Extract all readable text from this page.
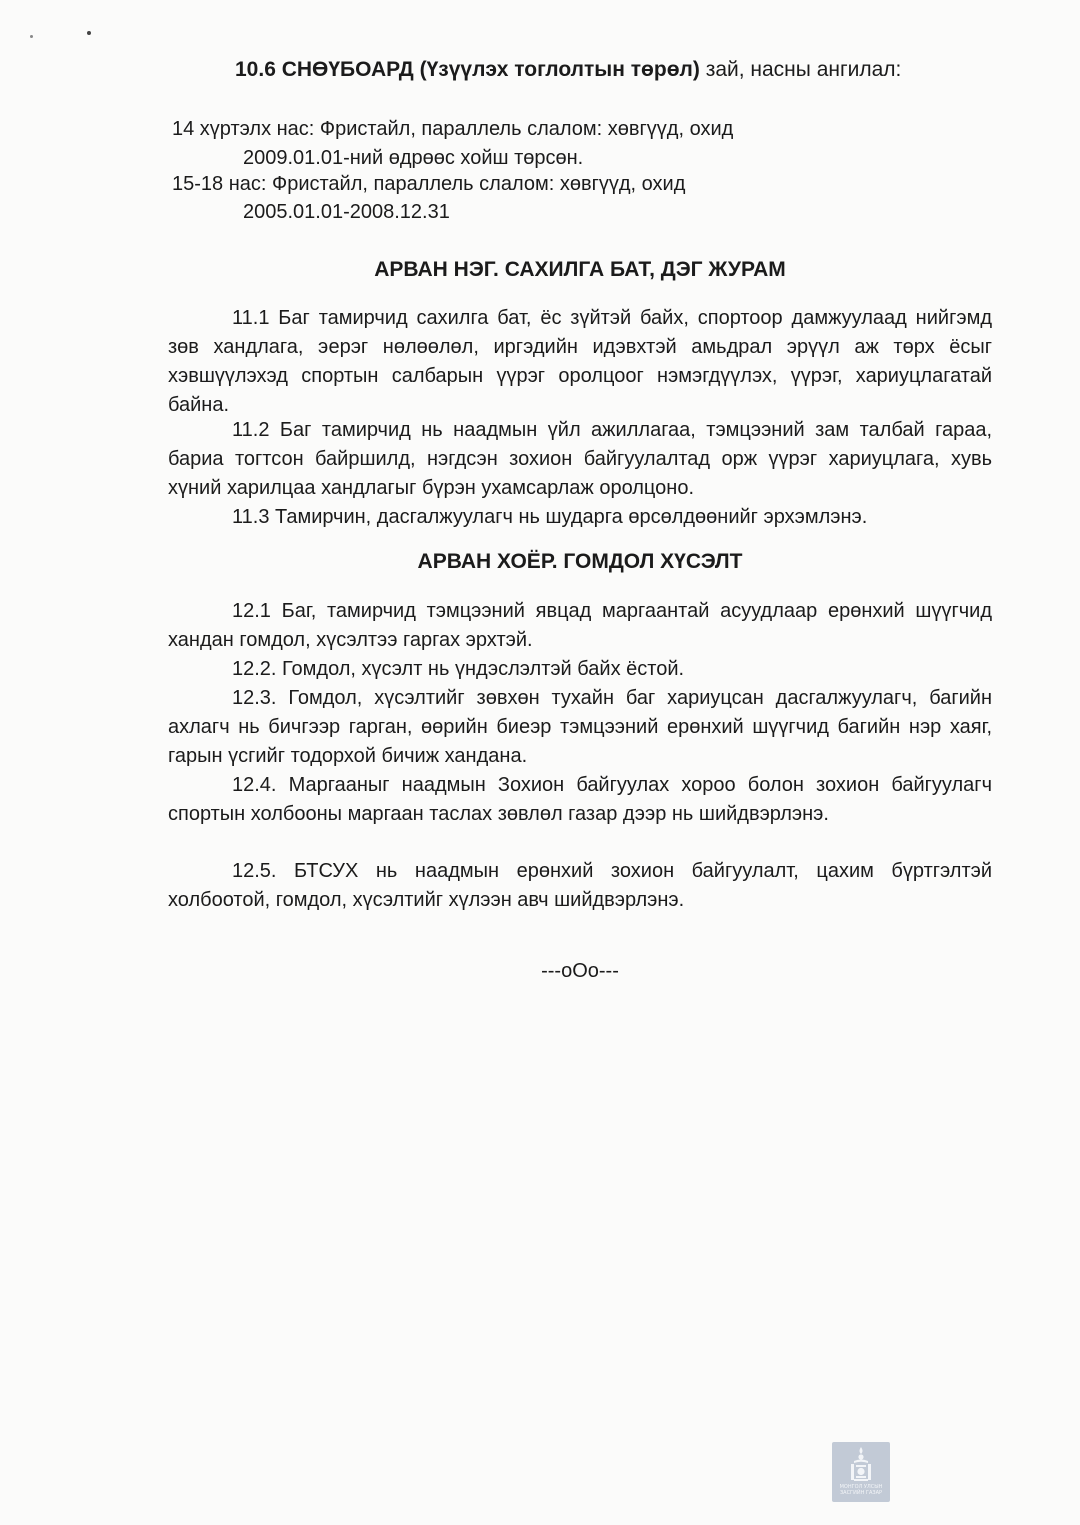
10.6 СНӨҮБОАРД (Үзүүлэх тоглолтын төрөл) зай, насны ангилал:
14 хүртэлх нас: Фристайл, параллель слалом: хөвгүүд, охид
2009.01.01-ний өдрөөс хойш төрсөн.
15-18 нас: Фристайл, параллель слалом: хөвгүүд, охид
2005.01.01-2008.12.31
АРВАН НЭГ. САХИЛГА БАТ, ДЭГ ЖУРАМ
11.1 Баг тамирчид сахилга бат, ёс зүйтэй байх, спортоор дамжуулаад нийгэмд зөв хандлага, эерэг нөлөөлөл, иргэдийн идэвхтэй амьдрал эрүүл аж төрх ёсыг хэвшүүлэхэд спортын салбарын үүрэг оролцоог нэмэгдүүлэх, үүрэг, хариуцлагатай байна.
11.2 Баг тамирчид нь наадмын үйл ажиллагаа, тэмцээний зам талбай гараа, бариа тогтсон байршилд, нэгдсэн зохион байгуулалтад орж үүрэг хариуцлага, хувь хүний харилцаа хандлагыг бүрэн ухамсарлаж оролцоно.
11.3 Тамирчин, дасгалжуулагч нь шударга өрсөлдөөнийг эрхэмлэнэ.
АРВАН ХОЁР. ГОМДОЛ ХҮСЭЛТ
12.1 Баг, тамирчид тэмцээний явцад маргаантай асуудлаар ерөнхий шүүгчид хандан гомдол, хүсэлтээ гаргах эрхтэй.
12.2. Гомдол, хүсэлт нь үндэслэлтэй байх ёстой.
12.3. Гомдол, хүсэлтийг зөвхөн тухайн баг хариуцсан дасгалжуулагч, багийн ахлагч нь бичгээр гарган, өөрийн биеэр тэмцээний ерөнхий шүүгчид багийн нэр хаяг, гарын үсгийг тодорхой бичиж хандана.
12.4. Маргааныг наадмын Зохион байгуулах хороо болон зохион байгуулагч спортын холбооны маргаан таслах зөвлөл газар дээр нь шийдвэрлэнэ.
12.5. БТСУХ нь наадмын ерөнхий зохион байгуулалт, цахим бүртгэлтэй холбоотой, гомдол, хүсэлтийг хүлээн авч шийдвэрлэнэ.
---oOo---
МОНГОЛ УЛСЫН
ЗАСГИЙН ГАЗАР
